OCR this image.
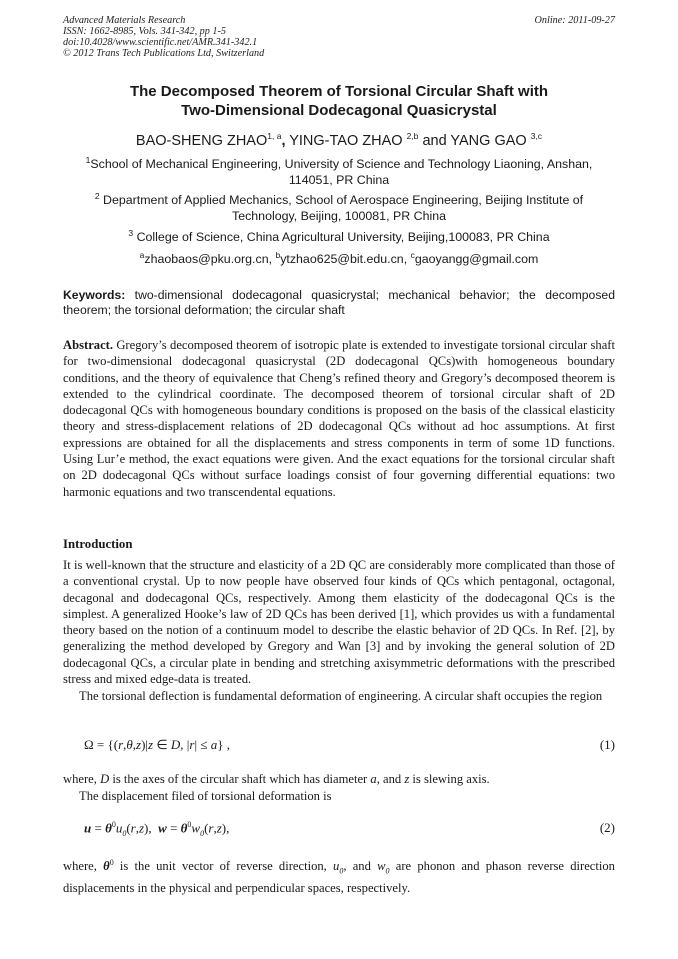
Advanced Materials Research
ISSN: 1662-8985, Vols. 341-342, pp 1-5
doi:10.4028/www.scientific.net/AMR.341-342.1
© 2012 Trans Tech Publications Ltd, Switzerland
Online: 2011-09-27
The Decomposed Theorem of Torsional Circular Shaft with
Two-Dimensional Dodecagonal Quasicrystal
BAO-SHENG ZHAO$^{1, a}$, YING-TAO ZHAO $^{2,b}$ and YANG GAO $^{3,c}$
$^1$School of Mechanical Engineering, University of Science and Technology Liaoning, Anshan, 114051, PR China
$^2$ Department of Applied Mechanics, School of Aerospace Engineering, Beijing Institute of Technology, Beijing, 100081, PR China
$^3$ College of Science, China Agricultural University, Beijing,100083, PR China
$^a$zhaobaos@pku.org.cn, $^b$ytzhao625@bit.edu.cn, $^c$gaoyangg@gmail.com
Keywords: two-dimensional dodecagonal quasicrystal; mechanical behavior; the decomposed theorem; the torsional deformation; the circular shaft
Abstract. Gregory’s decomposed theorem of isotropic plate is extended to investigate torsional circular shaft for two-dimensional dodecagonal quasicrystal (2D dodecagonal QCs)with homogeneous boundary conditions, and the theory of equivalence that Cheng’s refined theory and Gregory’s decomposed theorem is extended to the cylindrical coordinate. The decomposed theorem of torsional circular shaft of 2D dodecagonal QCs with homogeneous boundary conditions is proposed on the basis of the classical elasticity theory and stress-displacement relations of 2D dodecagonal QCs without ad hoc assumptions. At first expressions are obtained for all the displacements and stress components in term of some 1D functions. Using Lur’e method, the exact equations were given. And the exact equations for the torsional circular shaft on 2D dodecagonal QCs without surface loadings consist of four governing differential equations: two harmonic equations and two transcendental equations.
Introduction
It is well-known that the structure and elasticity of a 2D QC are considerably more complicated than those of a conventional crystal. Up to now people have observed four kinds of QCs which pentagonal, octagonal, decagonal and dodecagonal QCs, respectively. Among them elasticity of the dodecagonal QCs is the simplest. A generalized Hooke’s law of 2D QCs has been derived [1], which provides us with a fundamental theory based on the notion of a continuum model to describe the elastic behavior of 2D QCs. In Ref. [2], by generalizing the method developed by Gregory and Wan [3] and by invoking the general solution of 2D dodecagonal QCs, a circular plate in bending and stretching axisymmetric deformations with the prescribed stress and mixed edge-data is treated.
The torsional deflection is fundamental deformation of engineering. A circular shaft occupies the region
Ω = {(r,θ,z)|z ∈ D, |r| ≤ a} ,	(1)
where, D is the axes of the circular shaft which has diameter a, and z is slewing axis.
The displacement filed of torsional deformation is
$u = \theta^0u_0(r,z)$, $w = \theta^0w_0(r,z)$,	(2)
where, $\theta^0$ is the unit vector of reverse direction, $u_0$, and $w_0$ are phonon and phason reverse direction displacements in the physical and perpendicular spaces, respectively.
